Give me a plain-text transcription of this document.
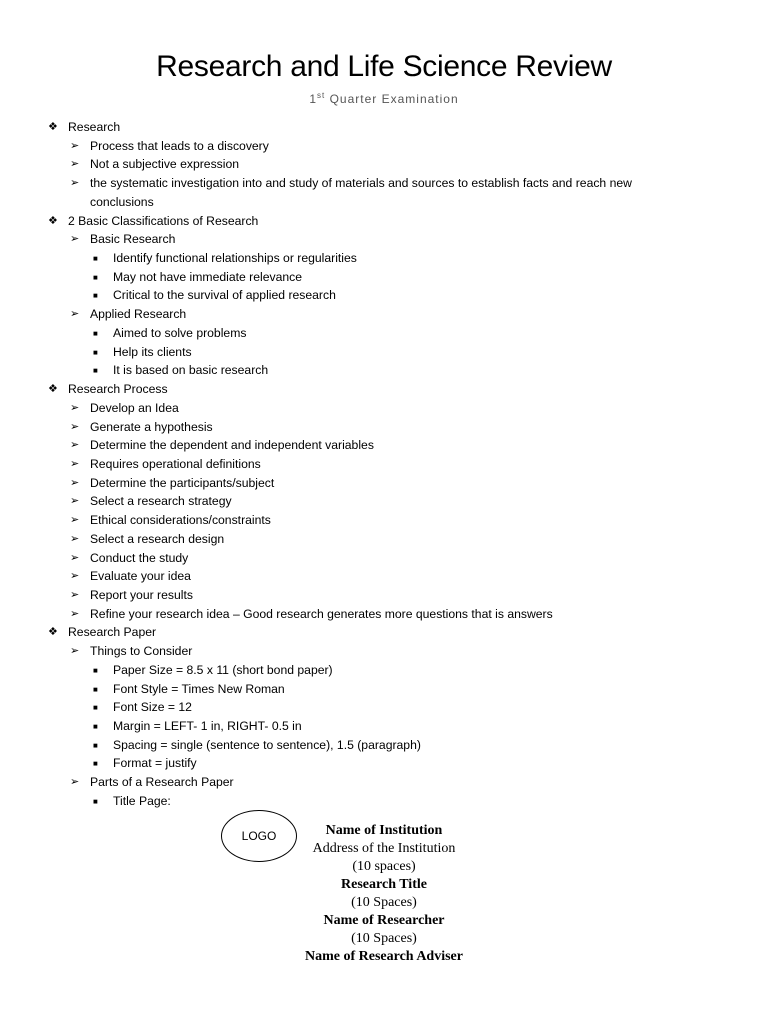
Research and Life Science Review
1st Quarter Examination
❖ Research
➢ Process that leads to a discovery
➢ Not a subjective expression
➢ the systematic investigation into and study of materials and sources to establish facts and reach new
conclusions
❖ 2 Basic Classifications of Research
➢ Basic Research
■	Identify functional relationships or regularities
■	May not have immediate relevance
■	Critical to the survival of applied research
➢ Applied Research
■	Aimed to solve problems
■	Help its clients
■	It is based on basic research
❖ Research Process
➢ Develop an Idea
➢ Generate a hypothesis
➢ Determine the dependent and independent variables
➢ Requires operational definitions
➢ Determine the participants/subject
➢ Select a research strategy
➢ Ethical considerations/constraints
➢ Select a research design
➢ Conduct the study
➢ Evaluate your idea
➢ Report your results
➢ Refine your research idea – Good research generates more questions that is answers
❖ Research Paper
➢ Things to Consider
■	Paper Size = 8.5 x 11 (short bond paper)
■	Font Style = Times New Roman
■	Font Size = 12
■	Margin = LEFT- 1 in, RIGHT- 0.5 in
■	Spacing = single (sentence to sentence), 1.5 (paragraph)
■	Format = justify
➢ Parts of a Research Paper
■	Title Page:
LOGO	Name of Institution
Address of the Institution
(10 spaces)
Research Title
(10 Spaces)
Name of Researcher
(10 Spaces)
Name of Research Adviser
